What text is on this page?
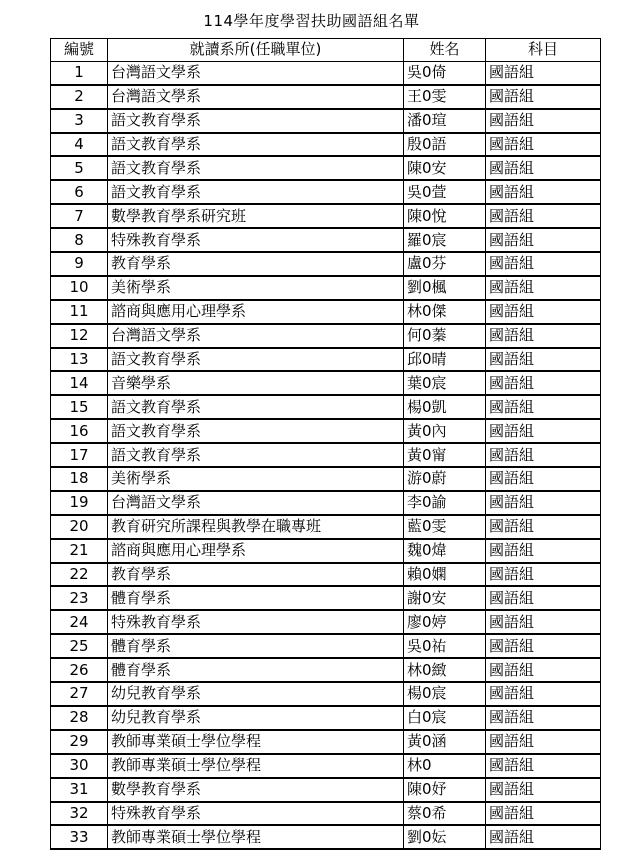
114學年度學習扶助國語組名單
編號	就讀系所(任職單位)	姓名	科目
1	台灣語文學系	吳0倚	國語組
2	台灣語文學系	王0雯	國語組
3	語文教育學系	潘0瑄	國語組
4	語文教育學系	殷0語	國語組
5	語文教育學系	陳0安	國語組
6	語文教育學系	吳0萱	國語組
7	數學教育學系研究班	陳0悅	國語組
8	特殊教育學系	羅0宸	國語組
9	教育學系	盧0芬	國語組
10	美術學系	劉0楓	國語組
11	諮商與應用心理學系	林0傑	國語組
12	台灣語文學系	何0蓁	國語組
13	語文教育學系	邱0晴	國語組
14	音樂學系	葉0宸	國語組
15	語文教育學系	楊0凱	國語組
16	語文教育學系	黃0內	國語組
17	語文教育學系	黃0甯	國語組
18	美術學系	游0蔚	國語組
19	台灣語文學系	李0諭	國語組
20	教育研究所課程與教學在職專班	藍0雯	國語組
21	諮商與應用心理學系	魏0煒	國語組
22	教育學系	賴0嫻	國語組
23	體育學系	謝0安	國語組
24	特殊教育學系	廖0婷	國語組
25	體育學系	吳0祐	國語組
26	體育學系	林0緻	國語組
27	幼兒教育學系	楊0宸	國語組
28	幼兒教育學系	白0宸	國語組
29	教師專業碩士學位學程	黃0涵	國語組
30	教師專業碩士學位學程	林0	國語組
31	數學教育學系	陳0妤	國語組
32	特殊教育學系	蔡0希	國語組
33	教師專業碩士學位學程	劉0妘	國語組
